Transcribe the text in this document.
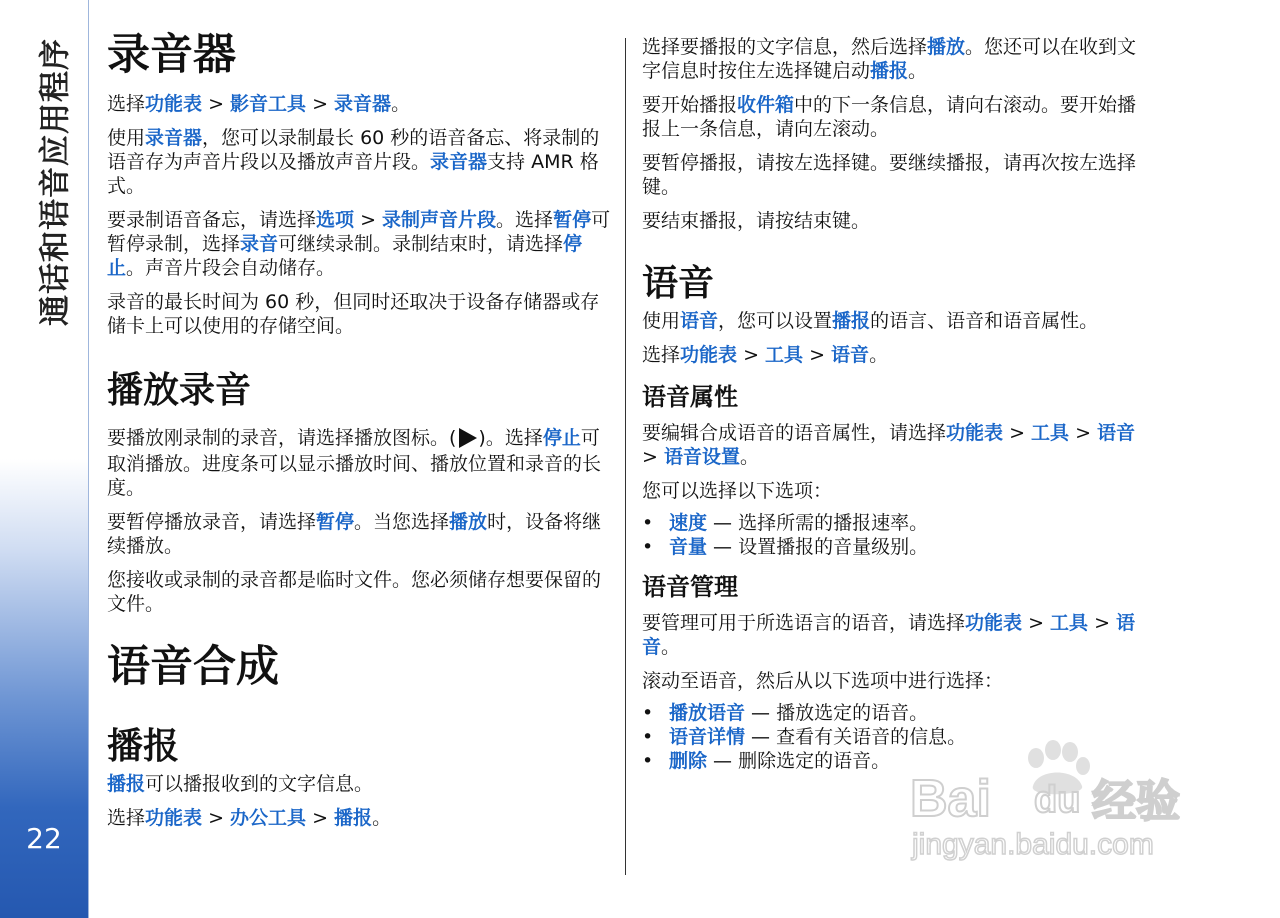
通话和语音应用程序
22
录音器

选择功能表 > 影音工具 > 录音器。

使用录音器，您可以录制最长 60 秒的语音备忘、将录制的语音存为声音片段以及播放声音片段。录音器支持 AMR 格式。

要录制语音备忘，请选择选项 > 录制声音片段。选择暂停可暂停录制，选择录音可继续录制。录制结束时，请选择停止。声音片段会自动储存。

录音的最长时间为 60 秒，但同时还取决于设备存储器或存储卡上可以使用的存储空间。

播放录音

要播放刚录制的录音，请选择播放图标。( )。选择停止可取消播放。进度条可以显示播放时间、播放位置和录音的长度。

要暂停播放录音，请选择暂停。当您选择播放时，设备将继续播放。

您接收或录制的录音都是临时文件。您必须储存想要保留的文件。

语音合成
播报

播报可以播报收到的文字信息。

选择功能表 > 办公工具 > 播报。

选择要播报的文字信息，然后选择播放。您还可以在收到文字信息时按住左选择键启动播报。

要开始播报收件箱中的下一条信息，请向右滚动。要开始播报上一条信息，请向左滚动。

要暂停播报，请按左选择键。要继续播报，请再次按左选择键。

要结束播报，请按结束键。

语音

使用语音，您可以设置播报的语言、语音和语音属性。

选择功能表 > 工具 > 语音。

语音属性

要编辑合成语音的语音属性，请选择功能表 > 工具 > 语音 > 语音设置。

您可以选择以下选项：

• 速度 — 选择所需的播报速率。
• 音量 — 设置播报的音量级别。
语音管理

要管理可用于所选语言的语音，请选择功能表 > 工具 > 语音。

滚动至语音，然后从以下选项中进行选择：

• 播放语音 — 播放选定的语音。
• 语音详情 — 查看有关语音的信息。
• 删除 — 删除选定的语音。
Bai du 经验
jingyan.baidu.com
